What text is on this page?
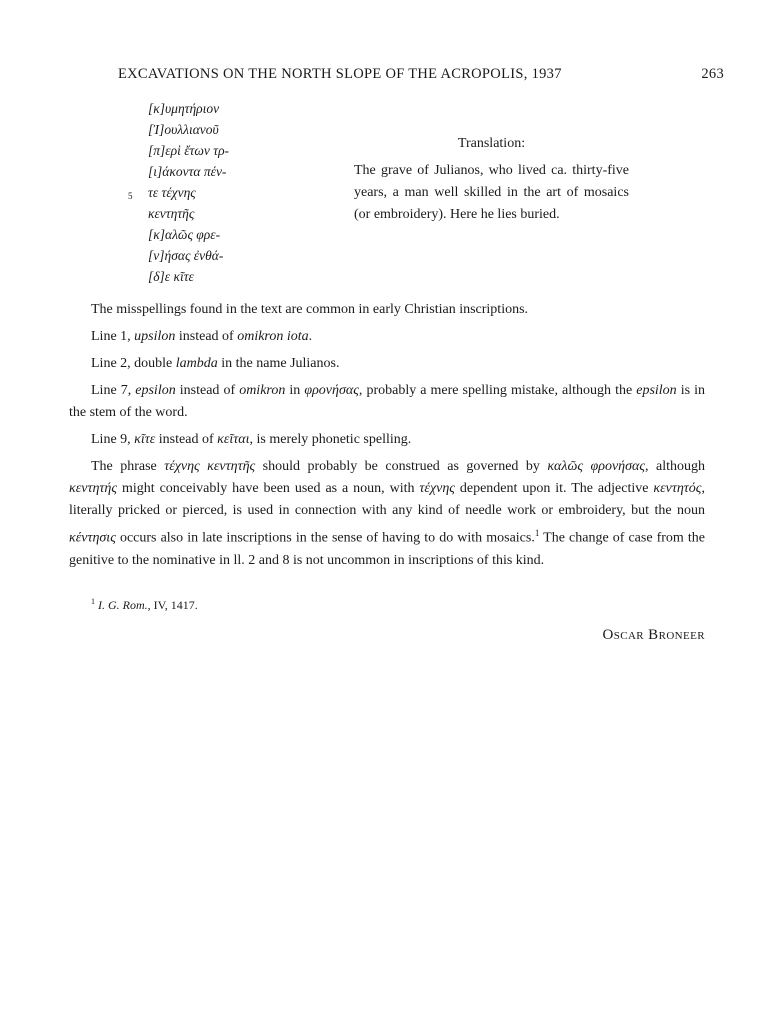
EXCAVATIONS ON THE NORTH SLOPE OF THE ACROPOLIS, 1937	263
5
[κ]υμητήριον
[Ἰ]ουλλιανοῦ
[π]ερὶ ἔτων τρ-
[ι]άκοντα πέν-
τε τέχνης
κεντητῆς
[κ]αλῶς φρε-
[ν]ήσας ἐνθά-
[δ]ε κῖτε
Translation:
The grave of Julianos, who lived ca. thirty-five years, a man well skilled in the art of mosaics (or embroidery). Here he lies buried.
The misspellings found in the text are common in early Christian inscriptions.
Line 1, upsilon instead of omikron iota.
Line 2, double lambda in the name Julianos.
Line 7, epsilon instead of omikron in φρονήσας, probably a mere spelling mistake, although the epsilon is in the stem of the word.
Line 9, κῖτε instead of κεῖται, is merely phonetic spelling.
The phrase τέχνης κεντητῆς should probably be construed as governed by καλῶς φρονήσας, although κεντητής might conceivably have been used as a noun, with τέχνης dependent upon it. The adjective κεντητός, literally pricked or pierced, is used in connection with any kind of needle work or embroidery, but the noun κέντησις occurs also in late inscriptions in the sense of having to do with mosaics.$^1$ The change of case from the genitive to the nominative in ll. 2 and 8 is not uncommon in inscriptions of this kind.
$^1$ I. G. Rom., IV, 1417.
Oscar Broneer
